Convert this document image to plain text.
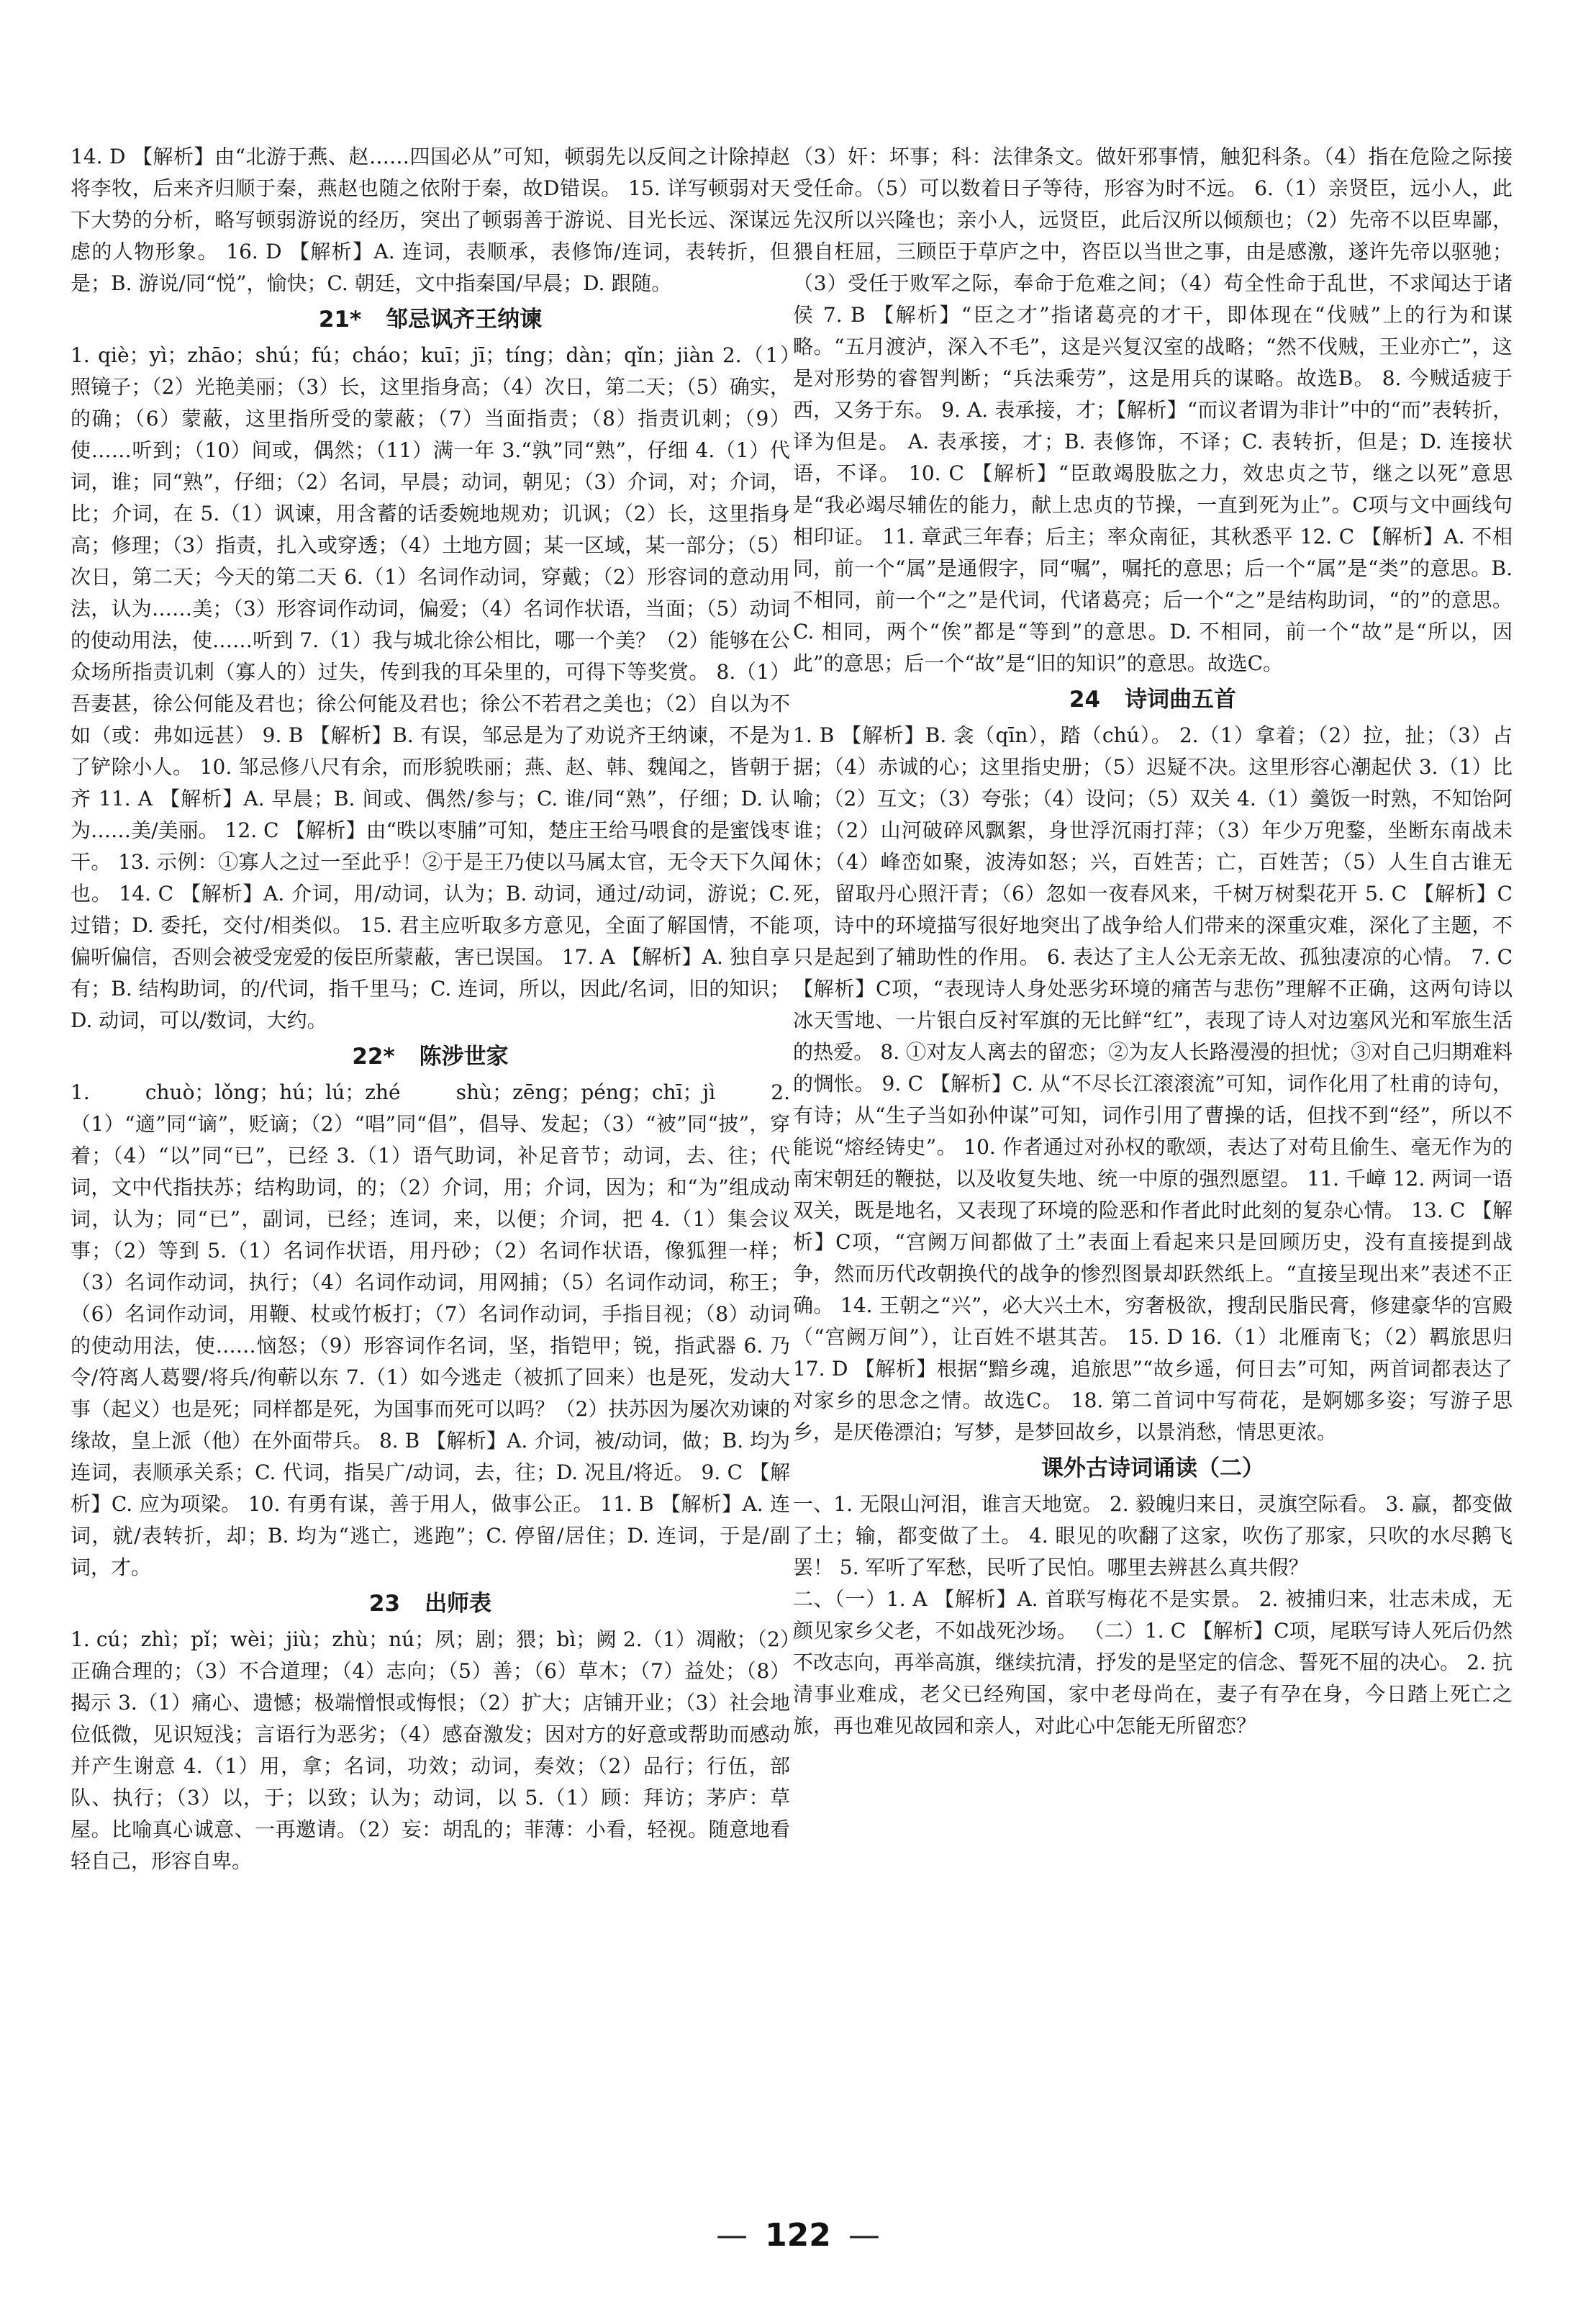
14. D 【解析】由“北游于燕、赵……四国必从”可知，顿弱先以反间之计除掉赵将李牧，后来齐归顺于秦，燕赵也随之依附于秦，故D错误。 15. 详写顿弱对天下大势的分析，略写顿弱游说的经历，突出了顿弱善于游说、目光长远、深谋远虑的人物形象。 16. D 【解析】A. 连词，表顺承，表修饰/连词，表转折，但是；B. 游说/同“悦”，愉快；C. 朝廷，文中指秦国/早晨；D. 跟随。

21* 邹忌讽齐王纳谏

1. qiè；yì；zhāo；shú；fú；cháo；kuī；jī；tíng；dàn；qǐn；jiàn 2.（1）照镜子；（2）光艳美丽；（3）长，这里指身高；（4）次日，第二天；（5）确实，的确；（6）蒙蔽，这里指所受的蒙蔽；（7）当面指责；（8）指责讥刺；（9）使……听到；（10）间或，偶然；（11）满一年 3.“孰”同“熟”，仔细 4.（1）代词，谁；同“熟”，仔细；（2）名词，早晨；动词，朝见；（3）介词，对；介词，比；介词，在 5.（1）讽谏，用含蓄的话委婉地规劝；讥讽；（2）长，这里指身高；修理；（3）指责，扎入或穿透；（4）土地方圆；某一区域，某一部分；（5）次日，第二天；今天的第二天 6.（1）名词作动词，穿戴；（2）形容词的意动用法，认为……美；（3）形容词作动词，偏爱；（4）名词作状语，当面；（5）动词的使动用法，使……听到 7.（1）我与城北徐公相比，哪一个美？（2）能够在公众场所指责讥刺（寡人的）过失，传到我的耳朵里的，可得下等奖赏。 8.（1）吾妻甚，徐公何能及君也；徐公何能及君也；徐公不若君之美也；（2）自以为不如（或：弗如远甚） 9. B 【解析】B. 有误，邹忌是为了劝说齐王纳谏，不是为了铲除小人。 10. 邹忌修八尺有余，而形貌昳丽；燕、赵、韩、魏闻之，皆朝于齐 11. A 【解析】A. 早晨；B. 间或、偶然/参与；C. 谁/同“熟”，仔细；D. 认为……美/美丽。 12. C 【解析】由“昳以枣脯”可知，楚庄王给马喂食的是蜜饯枣干。 13. 示例：①寡人之过一至此乎！②于是王乃使以马属太官，无令天下久闻也。 14. C 【解析】A. 介词，用/动词，认为；B. 动词，通过/动词，游说；C. 过错；D. 委托，交付/相类似。 15. 君主应听取多方意见，全面了解国情，不能偏听偏信，否则会被受宠爱的佞臣所蒙蔽，害已误国。 17. A 【解析】A. 独自享有；B. 结构助词，的/代词，指千里马；C. 连词，所以，因此/名词，旧的知识；D. 动词，可以/数词，大约。

22* 陈涉世家

1. chuò；lǒng；hú；lú；zhé shù；zēng；péng；chī；jì 2.（1）“適”同“谪”，贬谪；（2）“唱”同“倡”，倡导、发起；（3）“被”同“披”，穿着；（4）“以”同“已”，已经 3.（1）语气助词，补足音节；动词，去、往；代词，文中代指扶苏；结构助词，的；（2）介词，用；介词，因为；和“为”组成动词，认为；同“已”，副词，已经；连词，来，以便；介词，把 4.（1）集会议事；（2）等到 5.（1）名词作状语，用丹砂；（2）名词作状语，像狐狸一样；（3）名词作动词，执行；（4）名词作动词，用网捕；（5）名词作动词，称王；（6）名词作动词，用鞭、杖或竹板打；（7）名词作动词，手指目视；（8）动词的使动用法，使……恼怒；（9）形容词作名词，坚，指铠甲；锐，指武器 6. 乃令/符离人葛婴/将兵/徇蕲以东 7.（1）如今逃走（被抓了回来）也是死，发动大事（起义）也是死；同样都是死，为国事而死可以吗？（2）扶苏因为屡次劝谏的缘故，皇上派（他）在外面带兵。 8. B 【解析】A. 介词，被/动词，做；B. 均为连词，表顺承关系；C. 代词，指吴广/动词，去，往；D. 况且/将近。 9. C 【解析】C. 应为项梁。 10. 有勇有谋，善于用人，做事公正。 11. B 【解析】A. 连词，就/表转折，却；B. 均为“逃亡，逃跑”；C. 停留/居住；D. 连词，于是/副词，才。

23 出师表

1. cú；zhì；pǐ；wèi；jiù；zhù；nú；夙；剧；猥；bì；阙 2.（1）凋敝；（2）正确合理的；（3）不合道理；（4）志向；（5）善；（6）草木；（7）益处；（8）揭示 3.（1）痛心、遗憾；极端憎恨或悔恨；（2）扩大；店铺开业；（3）社会地位低微，见识短浅；言语行为恶劣；（4）感奋激发；因对方的好意或帮助而感动并产生谢意 4.（1）用，拿；名词，功效；动词，奏效；（2）品行；行伍，部队、执行；（3）以，于；以致；认为；动词，以 5.（1）顾：拜访；茅庐：草屋。比喻真心诚意、一再邀请。（2）妄：胡乱的；菲薄：小看，轻视。随意地看轻自己，形容自卑。

（3）奸：坏事；科：法律条文。做奸邪事情，触犯科条。（4）指在危险之际接受任命。（5）可以数着日子等待，形容为时不远。 6.（1）亲贤臣，远小人，此先汉所以兴隆也；亲小人，远贤臣，此后汉所以倾颓也；（2）先帝不以臣卑鄙，猥自枉屈，三顾臣于草庐之中，咨臣以当世之事，由是感激，遂许先帝以驱驰；（3）受任于败军之际，奉命于危难之间；（4）苟全性命于乱世，不求闻达于诸侯 7. B 【解析】“臣之才”指诸葛亮的才干，即体现在“伐贼”上的行为和谋略。“五月渡泸，深入不毛”，这是兴复汉室的战略；“然不伐贼，王业亦亡”，这是对形势的睿智判断；“兵法乘劳”，这是用兵的谋略。故选B。 8. 今贼适疲于西，又务于东。 9. A. 表承接，才；【解析】“而议者谓为非计”中的“而”表转折，译为但是。 A. 表承接，才；B. 表修饰，不译；C. 表转折，但是；D. 连接状语，不译。 10. C 【解析】“臣敢竭股肱之力，效忠贞之节，继之以死”意思是“我必竭尽辅佐的能力，献上忠贞的节操，一直到死为止”。C项与文中画线句相印证。 11. 章武三年春；后主；率众南征，其秋悉平 12. C 【解析】A. 不相同，前一个“属”是通假字，同“嘱”，嘱托的意思；后一个“属”是“类”的意思。B. 不相同，前一个“之”是代词，代诸葛亮；后一个“之”是结构助词，“的”的意思。C. 相同，两个“俟”都是“等到”的意思。D. 不相同，前一个“故”是“所以，因此”的意思；后一个“故”是“旧的知识”的意思。故选C。

24 诗词曲五首

1. B 【解析】B. 衾（qīn），踏（chú）。 2.（1）拿着；（2）拉，扯；（3）占据；（4）赤诚的心；这里指史册；（5）迟疑不决。这里形容心潮起伏 3.（1）比喻；（2）互文；（3）夸张；（4）设问；（5）双关 4.（1）羹饭一时熟，不知饴阿谁；（2）山河破碎风飘絮，身世浮沉雨打萍；（3）年少万兜鍪，坐断东南战未休；（4）峰峦如聚，波涛如怒；兴，百姓苦；亡，百姓苦；（5）人生自古谁无死，留取丹心照汗青；（6）忽如一夜春风来，千树万树梨花开 5. C 【解析】C项，诗中的环境描写很好地突出了战争给人们带来的深重灾难，深化了主题，不只是起到了辅助性的作用。 6. 表达了主人公无亲无故、孤独凄凉的心情。 7. C 【解析】C项，“表现诗人身处恶劣环境的痛苦与悲伤”理解不正确，这两句诗以冰天雪地、一片银白反衬军旗的无比鲜“红”，表现了诗人对边塞风光和军旅生活的热爱。 8. ①对友人离去的留恋；②为友人长路漫漫的担忧；③对自己归期难料的惆怅。 9. C 【解析】C. 从“不尽长江滚滚流”可知，词作化用了杜甫的诗句，有诗；从“生子当如孙仲谋”可知，词作引用了曹操的话，但找不到“经”，所以不能说“熔经铸史”。 10. 作者通过对孙权的歌颂，表达了对苟且偷生、毫无作为的南宋朝廷的鞭挞，以及收复失地、统一中原的强烈愿望。 11. 千嶂 12. 两词一语双关，既是地名，又表现了环境的险恶和作者此时此刻的复杂心情。 13. C 【解析】C项，“宫阙万间都做了土”表面上看起来只是回顾历史，没有直接提到战争，然而历代改朝换代的战争的惨烈图景却跃然纸上。“直接呈现出来”表述不正确。 14. 王朝之“兴”，必大兴土木，穷奢极欲，搜刮民脂民膏，修建豪华的宫殿（“宫阙万间”），让百姓不堪其苦。 15. D 16.（1）北雁南飞；（2）羁旅思归 17. D 【解析】根据“黯乡魂，追旅思”“故乡遥，何日去”可知，两首词都表达了对家乡的思念之情。故选C。 18. 第二首词中写荷花，是婀娜多姿；写游子思乡，是厌倦漂泊；写梦，是梦回故乡，以景消愁，情思更浓。

课外古诗词诵读（二）

一、1. 无限山河泪，谁言天地宽。 2. 毅魄归来日，灵旗空际看。 3. 赢，都变做了土；输，都变做了土。 4. 眼见的吹翻了这家，吹伤了那家，只吹的水尽鹅飞罢！ 5. 军听了军愁，民听了民怕。哪里去辨甚么真共假？

二、（一）1. A 【解析】A. 首联写梅花不是实景。 2. 被捕归来，壮志未成，无颜见家乡父老，不如战死沙场。 （二）1. C 【解析】C项，尾联写诗人死后仍然不改志向，再举高旗，继续抗清，抒发的是坚定的信念、誓死不屈的决心。 2. 抗清事业难成，老父已经殉国，家中老母尚在，妻子有孕在身，今日踏上死亡之旅，再也难见故园和亲人，对此心中怎能无所留恋？

— 122 —
